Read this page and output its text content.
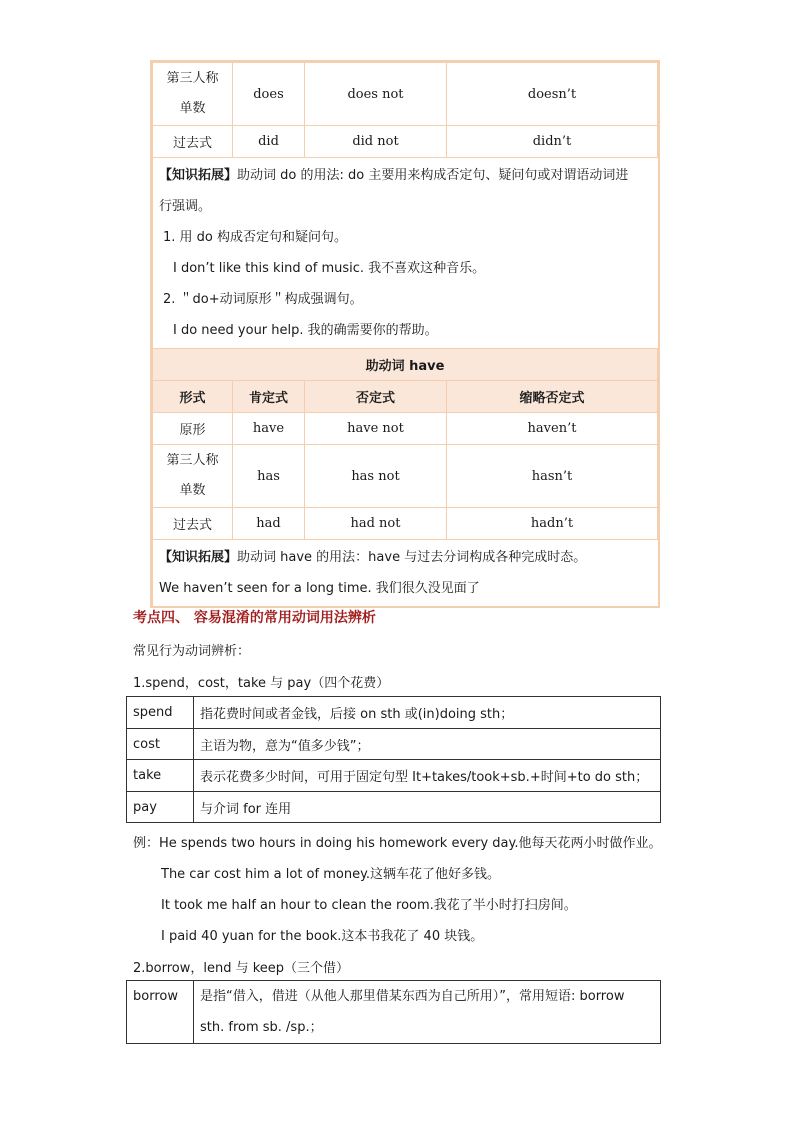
第三人称
单数	does	does not	doesn’t
过去式	did	did not	didn’t

【知识拓展】助动词 do 的用法: do 主要用来构成否定句、疑问句或对谓语动词进

行强调。

1. 用 do 构成否定句和疑问句。

I don’t like this kind of music. 我不喜欢这种音乐。

2. ＂do+动词原形＂构成强调句。

I do need your help. 我的确需要你的帮助。

助动词 have			
形式	肯定式	否定式	缩略否定式
原形	have	have not	haven’t

第三人称
单数	has	has not	hasn’t
过去式	had	had not	hadn’t

【知识拓展】助动词 have 的用法：have 与过去分词构成各种完成时态。

We haven’t seen for a long time. 我们很久没见面了

考点四、 容易混淆的常用动词用法辨析
常见行为动词辨析：
1.spend，cost，take 与 pay（四个花费）
spend	指花费时间或者金钱，后接 on sth 或(in)doing sth；
cost	主语为物，意为“值多少钱”；
take	表示花费多少时间，可用于固定句型 It+takes/took+sb.+时间+to do sth；
pay	与介词 for 连用
例：He spends two hours in doing his homework every day.他每天花两小时做作业。
The car cost him a lot of money.这辆车花了他好多钱。
It took me half an hour to clean the room.我花了半小时打扫房间。
I paid 40 yuan for the book.这本书我花了 40 块钱。
2.borrow，lend 与 keep（三个借）
borrow	是指“借入，借进（从他人那里借某东西为自己所用）”，常用短语: borrow
sth. from sb. /sp.；
